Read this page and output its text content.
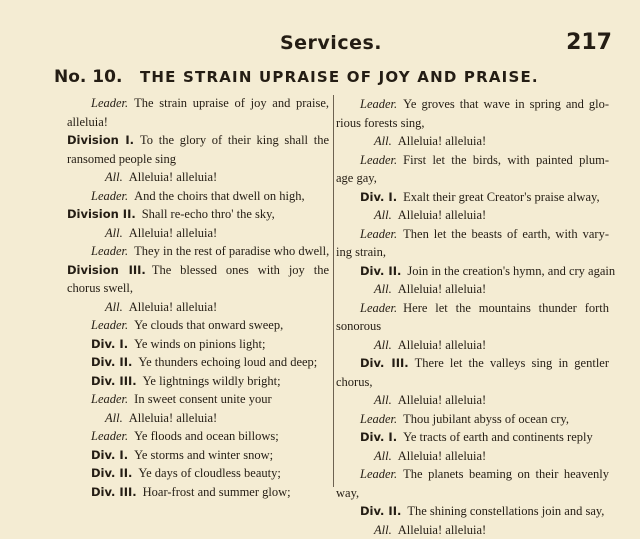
Services.	217
No. 10. THE STRAIN UPRAISE OF JOY AND PRAISE.
Leader. The strain upraise of joy and praise,
alleluia!
Division I. To the glory of their king shall the
ransomed people sing
All. Alleluia! alleluia!
Leader. And the choirs that dwell on high,
Division II. Shall re-echo thro' the sky,
All. Alleluia! alleluia!
Leader. They in the rest of paradise who dwell,
Division III. The blessed ones with joy the
chorus swell,
All. Alleluia! alleluia!
Leader. Ye clouds that onward sweep,
Div. I. Ye winds on pinions light;
Div. II. Ye thunders echoing loud and deep;
Div. III. Ye lightnings wildly bright;
Leader. In sweet consent unite your
All. Alleluia! alleluia!
Leader. Ye floods and ocean billows;
Div. I. Ye storms and winter snow;
Div. II. Ye days of cloudless beauty;
Div. III. Hoar-frost and summer glow;
Leader. Ye groves that wave in spring and glo-
rious forests sing,
All. Alleluia! alleluia!
Leader. First let the birds, with painted plum-
age gay,
Div. I. Exalt their great Creator's praise alway,
All. Alleluia! alleluia!
Leader. Then let the beasts of earth, with vary-
ing strain,
Div. II. Join in the creation's hymn, and cry again
All. Alleluia! alleluia!
Leader. Here let the mountains thunder forth
sonorous
All. Alleluia! alleluia!
Div. III. There let the valleys sing in gentler
chorus,
All. Alleluia! alleluia!
Leader. Thou jubilant abyss of ocean cry,
Div. I. Ye tracts of earth and continents reply
All. Alleluia! alleluia!
Leader. The planets beaming on their heavenly
way,
Div. II. The shining constellations join and say,
All. Alleluia! alleluia!
